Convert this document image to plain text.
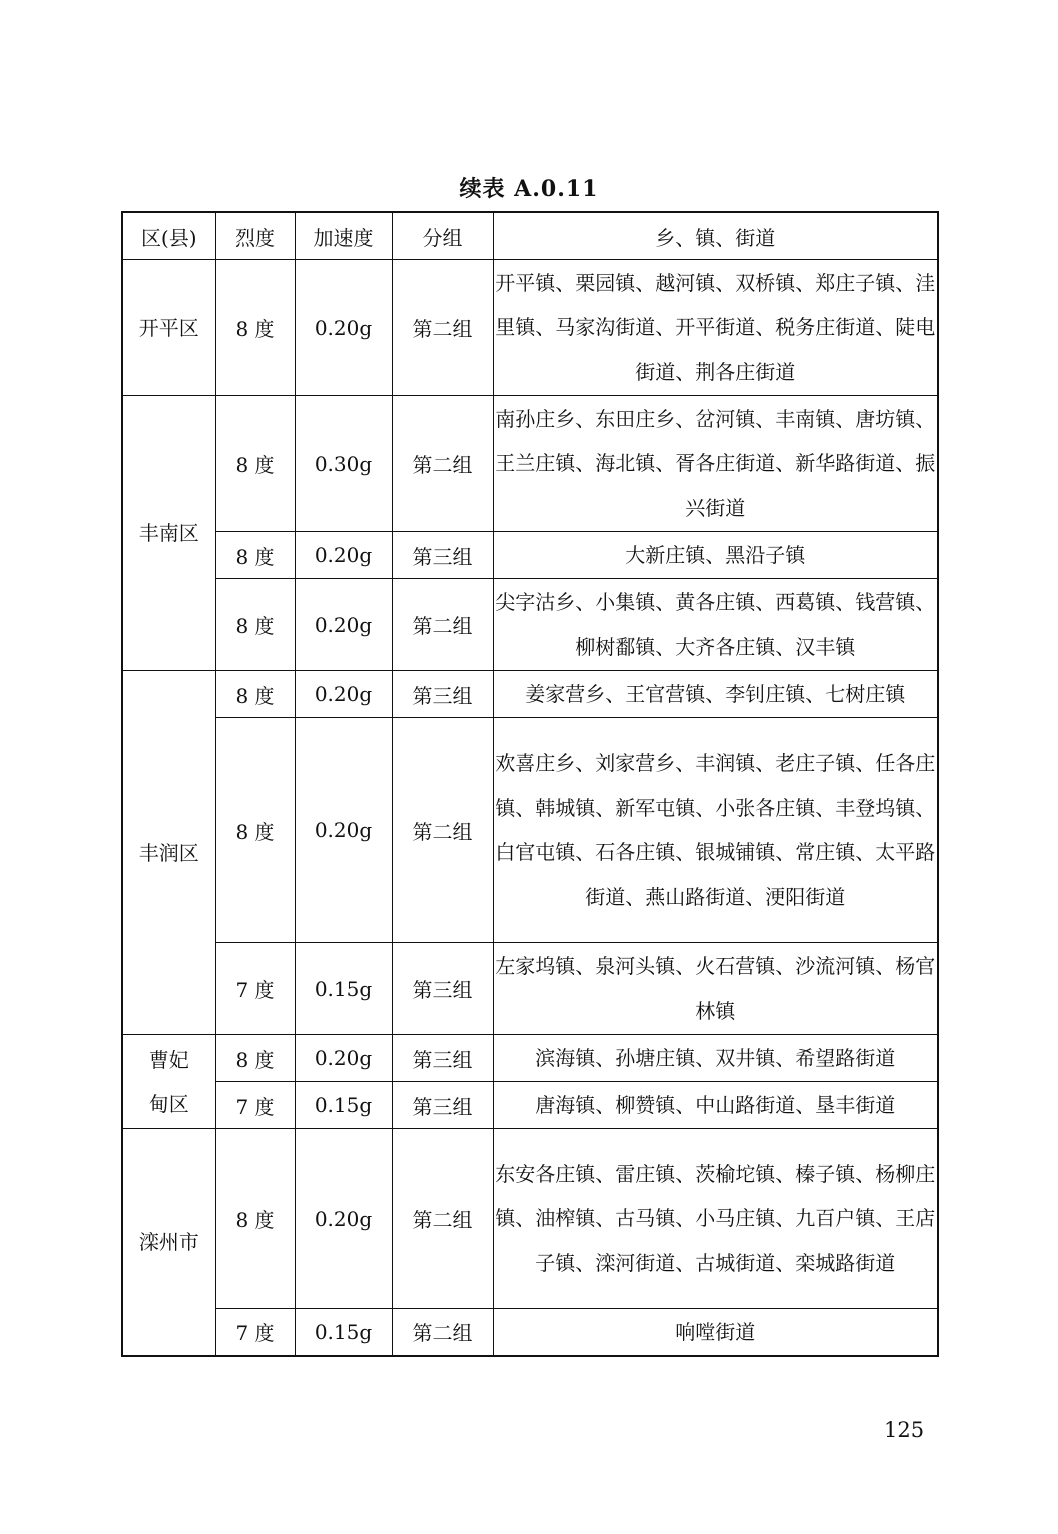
续表 A.0.11
区(县)	烈度	加速度	分组	乡、镇、街道
开平区	8 度	0.20g	第二组	开平镇、栗园镇、越河镇、双桥镇、郑庄子镇、洼里镇、马家沟街道、开平街道、税务庄街道、陡电街道、荆各庄街道
丰南区	8 度	0.30g	第二组	南孙庄乡、东田庄乡、岔河镇、丰南镇、唐坊镇、王兰庄镇、海北镇、胥各庄街道、新华路街道、振兴街道
	8 度	0.20g	第三组	大新庄镇、黑沿子镇
	8 度	0.20g	第二组	尖字沽乡、小集镇、黄各庄镇、西葛镇、钱营镇、柳树鄱镇、大齐各庄镇、汉丰镇
丰润区	8 度	0.20g	第三组	姜家营乡、王官营镇、李钊庄镇、七树庄镇
	8 度	0.20g	第二组	欢喜庄乡、刘家营乡、丰润镇、老庄子镇、任各庄镇、韩城镇、新军屯镇、小张各庄镇、丰登坞镇、白官屯镇、石各庄镇、银城铺镇、常庄镇、太平路街道、燕山路街道、浭阳街道
	7 度	0.15g	第三组	左家坞镇、泉河头镇、火石营镇、沙流河镇、杨官林镇
曹妃甸区	8 度	0.20g	第三组	滨海镇、孙塘庄镇、双井镇、希望路街道
	7 度	0.15g	第三组	唐海镇、柳赞镇、中山路街道、垦丰街道
滦州市	8 度	0.20g	第二组	东安各庄镇、雷庄镇、茨榆坨镇、榛子镇、杨柳庄镇、油榨镇、古马镇、小马庄镇、九百户镇、王店子镇、滦河街道、古城街道、栾城路街道
	7 度	0.15g	第二组	响嘡街道
125
